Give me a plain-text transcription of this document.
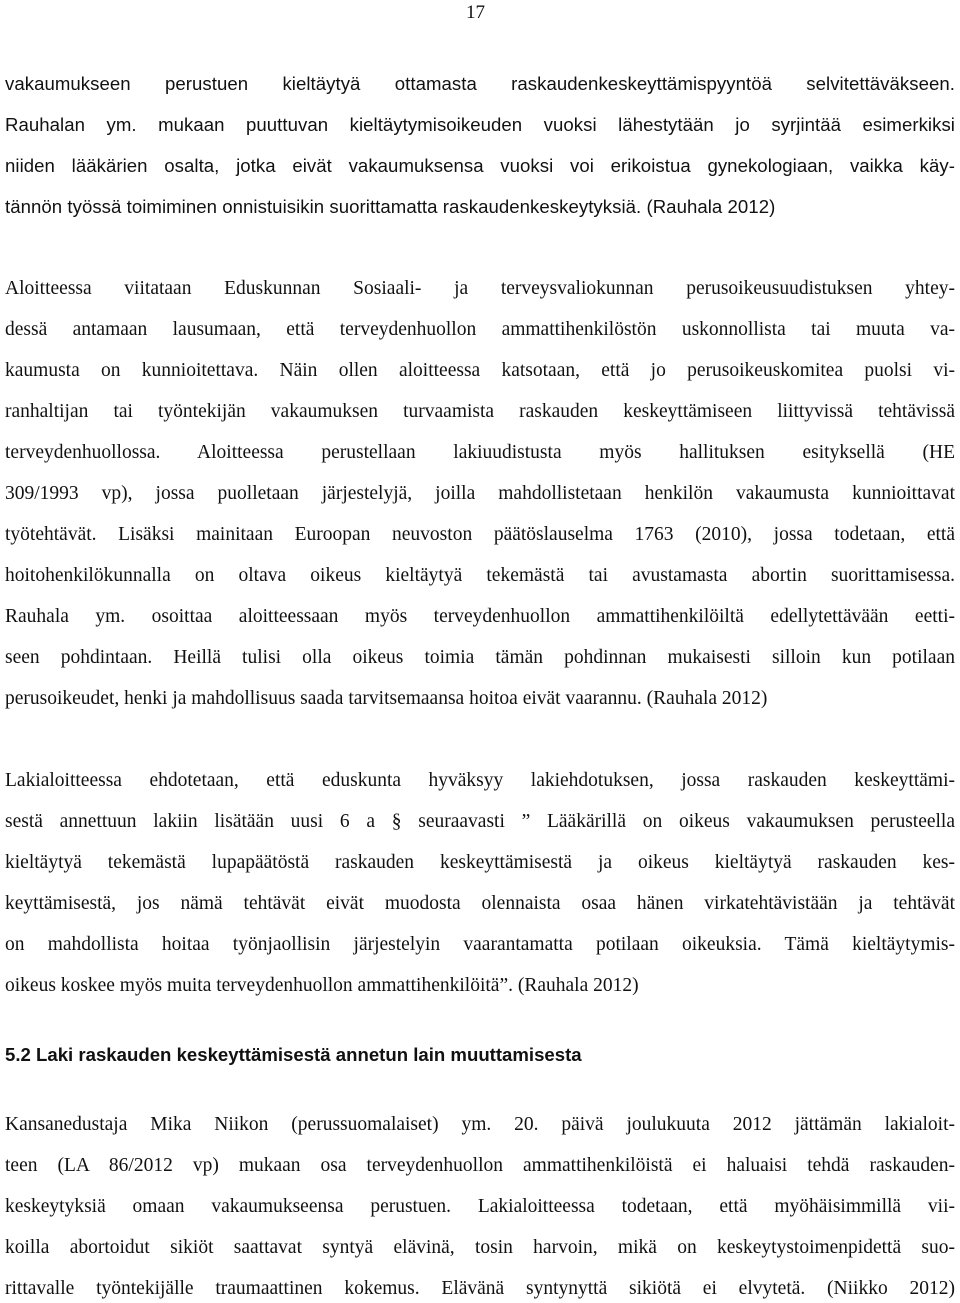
17
vakaumukseen perustuen kieltäytyä ottamasta raskaudenkeskeyttämispyyntöä selvitettäväkseen.
Rauhalan ym. mukaan puuttuvan kieltäytymisoikeuden vuoksi lähestytään jo syrjintää esimerkiksi
niiden lääkärien osalta, jotka eivät vakaumuksensa vuoksi voi erikoistua gynekologiaan, vaikka käy-
tännön työssä toimiminen onnistuisikin suorittamatta raskaudenkeskeytyksiä. (Rauhala 2012)
Aloitteessa viitataan Eduskunnan Sosiaali- ja terveysvaliokunnan perusoikeusuudistuksen yhtey-
dessä antamaan lausumaan, että terveydenhuollon ammattihenkilöstön uskonnollista tai muuta va-
kaumusta on kunnioitettava. Näin ollen aloitteessa katsotaan, että jo perusoikeuskomitea puolsi vi-
ranhaltijan tai työntekijän vakaumuksen turvaamista raskauden keskeyttämiseen liittyvissä tehtävissä
terveydenhuollossa. Aloitteessa perustellaan lakiuudistusta myös hallituksen esityksellä (HE
309/1993 vp), jossa puolletaan järjestelyjä, joilla mahdollistetaan henkilön vakaumusta kunnioittavat
työtehtävät. Lisäksi mainitaan Euroopan neuvoston päätöslauselma 1763 (2010), jossa todetaan, että
hoitohenkilökunnalla on oltava oikeus kieltäytyä tekemästä tai avustamasta abortin suorittamisessa.
Rauhala ym. osoittaa aloitteessaan myös terveydenhuollon ammattihenkilöiltä edellytettävään eetti-
seen pohdintaan. Heillä tulisi olla oikeus toimia tämän pohdinnan mukaisesti silloin kun potilaan
perusoikeudet, henki ja mahdollisuus saada tarvitsemaansa hoitoa eivät vaarannu. (Rauhala 2012)
Lakialoitteessa ehdotetaan, että eduskunta hyväksyy lakiehdotuksen, jossa raskauden keskeyttämi-
sestä annettuun lakiin lisätään uusi 6 a § seuraavasti ” Lääkärillä on oikeus vakaumuksen perusteella
kieltäytyä tekemästä lupapäätöstä raskauden keskeyttämisestä ja oikeus kieltäytyä raskauden kes-
keyttämisestä, jos nämä tehtävät eivät muodosta olennaista osaa hänen virkatehtävistään ja tehtävät
on mahdollista hoitaa työnjaollisin järjestelyin vaarantamatta potilaan oikeuksia. Tämä kieltäytymis-
oikeus koskee myös muita terveydenhuollon ammattihenkilöitä”. (Rauhala 2012)
5.2 Laki raskauden keskeyttämisestä annetun lain muuttamisesta
Kansanedustaja Mika Niikon (perussuomalaiset) ym. 20. päivä joulukuuta 2012 jättämän lakialoit-
teen (LA 86/2012 vp) mukaan osa terveydenhuollon ammattihenkilöistä ei haluaisi tehdä raskauden-
keskeytyksiä omaan vakaumukseensa perustuen. Lakialoitteessa todetaan, että myöhäisimmillä vii-
koilla abortoidut sikiöt saattavat syntyä elävinä, tosin harvoin, mikä on keskeytystoimenpidettä suo-
rittavalle työntekijälle traumaattinen kokemus. Elävänä syntynyttä sikiötä ei elvytetä. (Niikko 2012)
